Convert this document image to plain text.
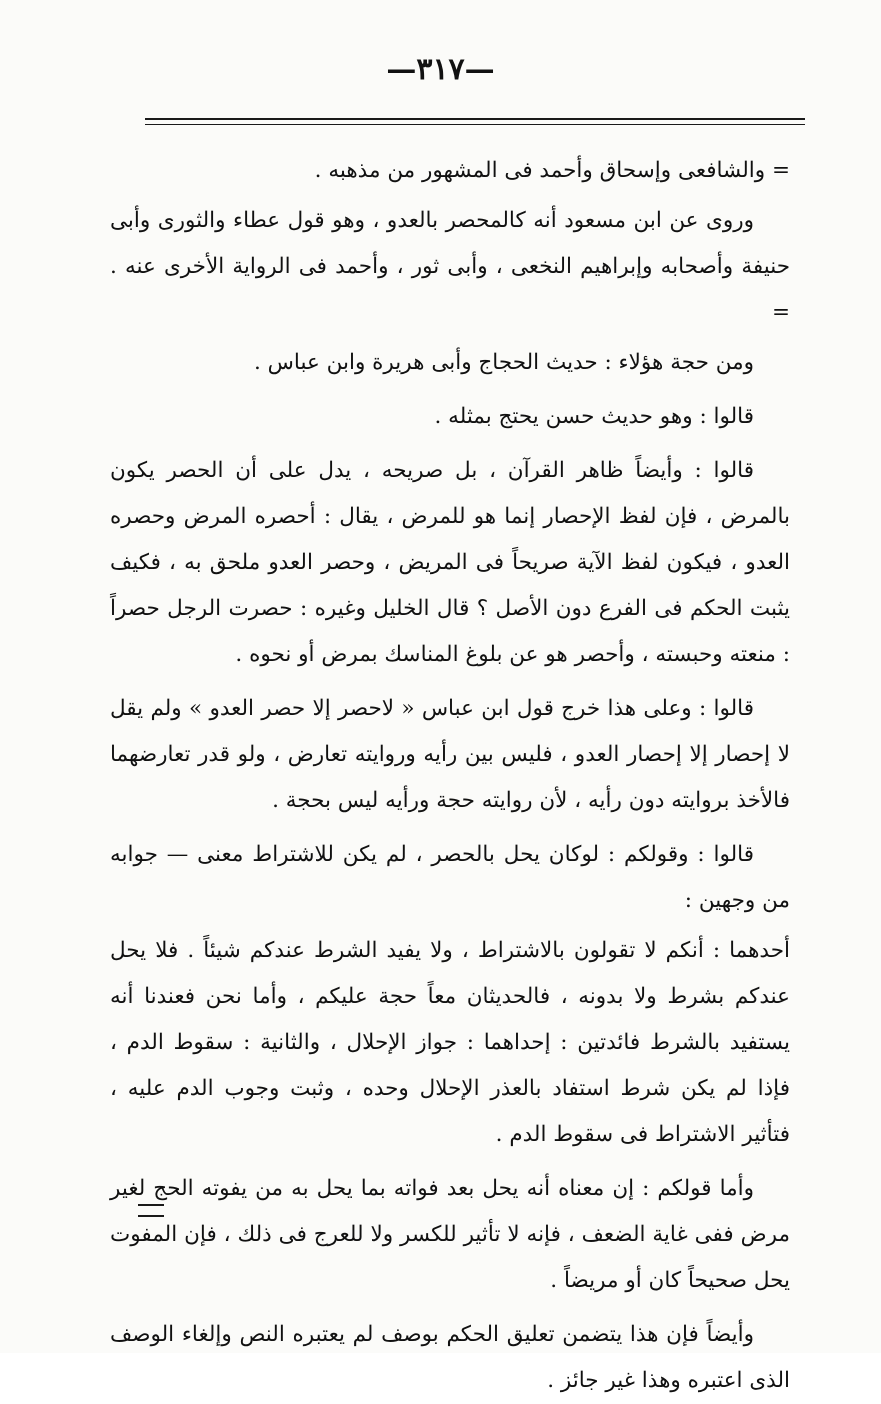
—٣١٧—

= والشافعى وإسحاق وأحمد فى المشهور من مذهبه .

وروى عن ابن مسعود أنه كالمحصر بالعدو ، وهو قول عطاء والثورى وأبى حنيفة وأصحابه وإبراهيم النخعى ، وأبى ثور ، وأحمد فى الرواية الأخرى عنه . =

ومن حجة هؤلاء : حديث الحجاج وأبى هريرة وابن عباس .

قالوا : وهو حديث حسن يحتج بمثله .

قالوا : وأيضاً ظاهر القرآن ، بل صريحه ، يدل على أن الحصر يكون بالمرض ، فإن لفظ الإحصار إنما هو للمرض ، يقال : أحصره المرض وحصره العدو ، فيكون لفظ الآية صريحاً فى المريض ، وحصر العدو ملحق به ، فكيف يثبت الحكم فى الفرع دون الأصل ؟ قال الخليل وغيره : حصرت الرجل حصراً : منعته وحبسته ، وأحصر هو عن بلوغ المناسك بمرض أو نحوه .

قالوا : وعلى هذا خرج قول ابن عباس « لاحصر إلا حصر العدو » ولم يقل لا إحصار إلا إحصار العدو ، فليس بين رأيه وروايته تعارض ، ولو قدر تعارضهما فالأخذ بروايته دون رأيه ، لأن روايته حجة ورأيه ليس بحجة .

قالوا : وقولكم : لوكان يحل بالحصر ، لم يكن للاشتراط معنى — جوابه من وجهين :

أحدهما : أنكم لا تقولون بالاشتراط ، ولا يفيد الشرط عندكم شيئاً . فلا يحل عندكم بشرط ولا بدونه ، فالحديثان معاً حجة عليكم ، وأما نحن فعندنا أنه يستفيد بالشرط فائدتين : إحداهما : جواز الإحلال ، والثانية : سقوط الدم ، فإذا لم يكن شرط استفاد بالعذر الإحلال وحده ، وثبت وجوب الدم عليه ، فتأثير الاشتراط فى سقوط الدم .

وأما قولكم : إن معناه أنه يحل بعد فواته بما يحل به من يفوته الحج لغير مرض ففى غاية الضعف ، فإنه لا تأثير للكسر ولا للعرج فى ذلك ، فإن المفوت يحل صحيحاً كان أو مريضاً .

وأيضاً فإن هذا يتضمن تعليق الحكم بوصف لم يعتبره النص وإلغاء الوصف الذى اعتبره وهذا غير جائز .
